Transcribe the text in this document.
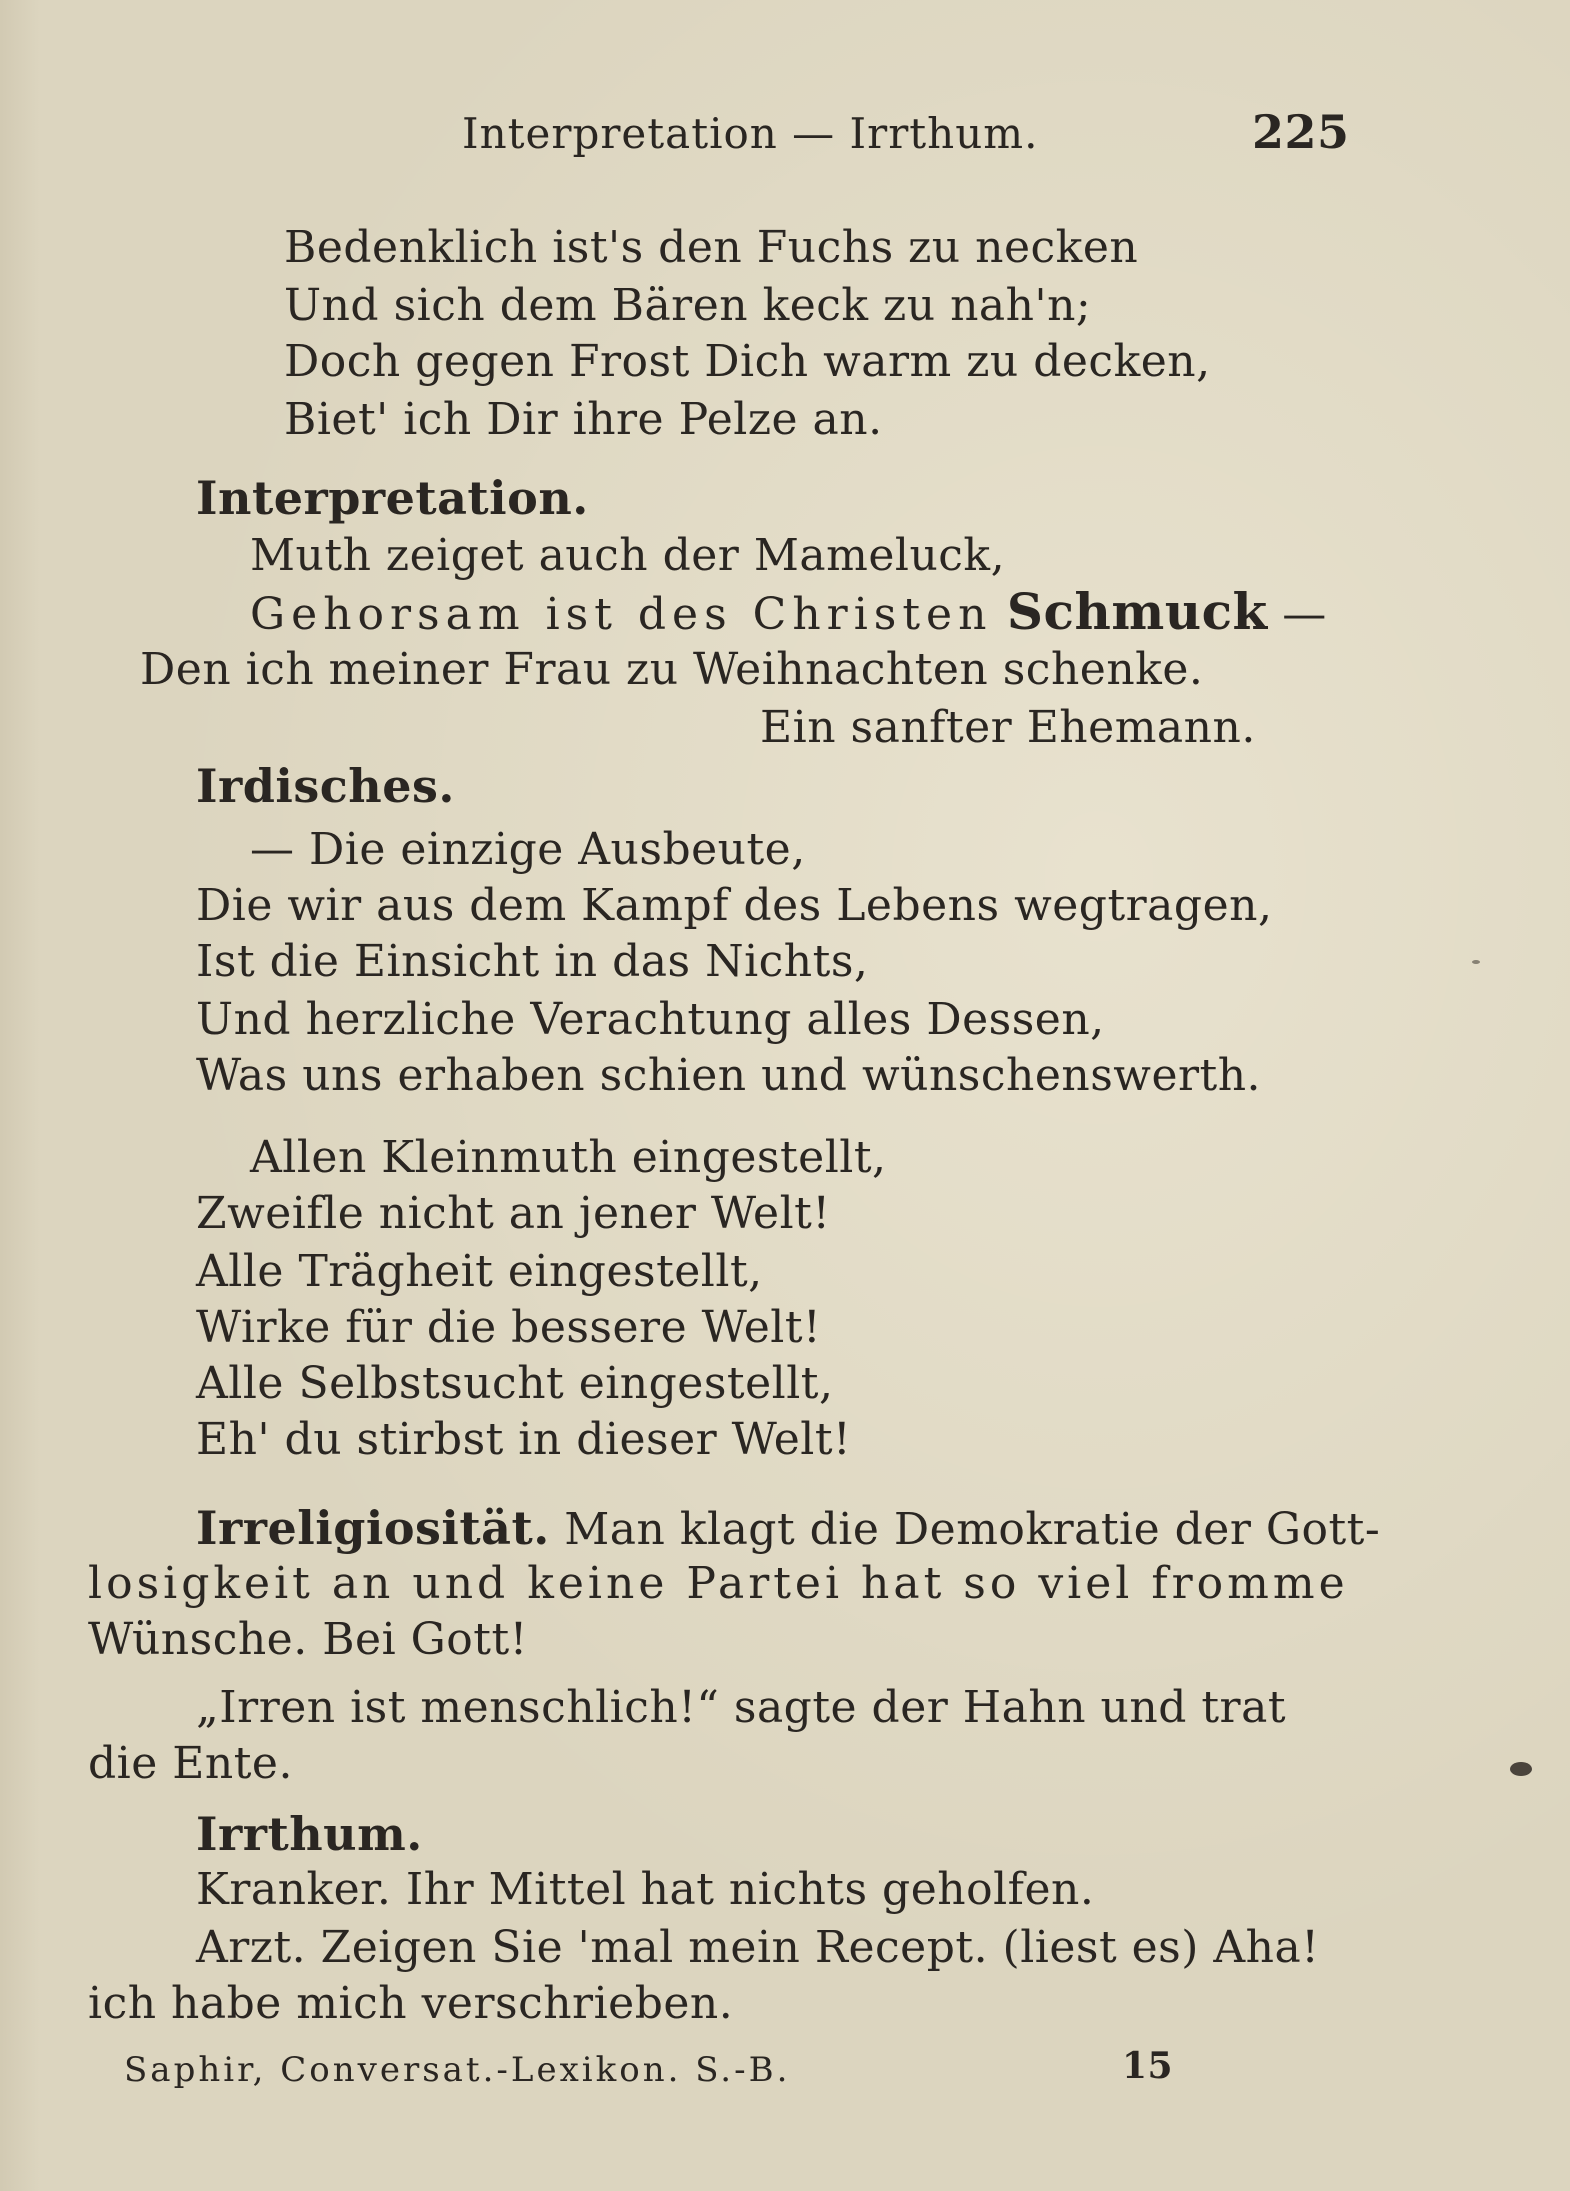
Interpretation — Irrthum.	225
Bedenklich ist's den Fuchs zu necken
Und sich dem Bären keck zu nah'n;
Doch gegen Frost Dich warm zu decken,
Biet' ich Dir ihre Pelze an.
Interpretation.
Muth zeiget auch der Mameluck,
Gehorsam ist des Christen Schmuck —
Den ich meiner Frau zu Weihnachten schenke.
Ein sanfter Ehemann.
Irdisches.
— Die einzige Ausbeute,
Die wir aus dem Kampf des Lebens wegtragen,
Ist die Einsicht in das Nichts,
Und herzliche Verachtung alles Dessen,
Was uns erhaben schien und wünschenswerth.
Allen Kleinmuth eingestellt,
Zweifle nicht an jener Welt!
Alle Trägheit eingestellt,
Wirke für die bessere Welt!
Alle Selbstsucht eingestellt,
Eh' du stirbst in dieser Welt!
Irreligiosität. Man klagt die Demokratie der Gott-
losigkeit an und keine Partei hat so viel fromme
Wünsche. Bei Gott!
„Irren ist menschlich!“ sagte der Hahn und trat
die Ente.
Irrthum.
Kranker. Ihr Mittel hat nichts geholfen.
Arzt. Zeigen Sie 'mal mein Recept. (liest es) Aha!
ich habe mich verschrieben.
Saphir, Conversat.-Lexikon. S.-B.	15
